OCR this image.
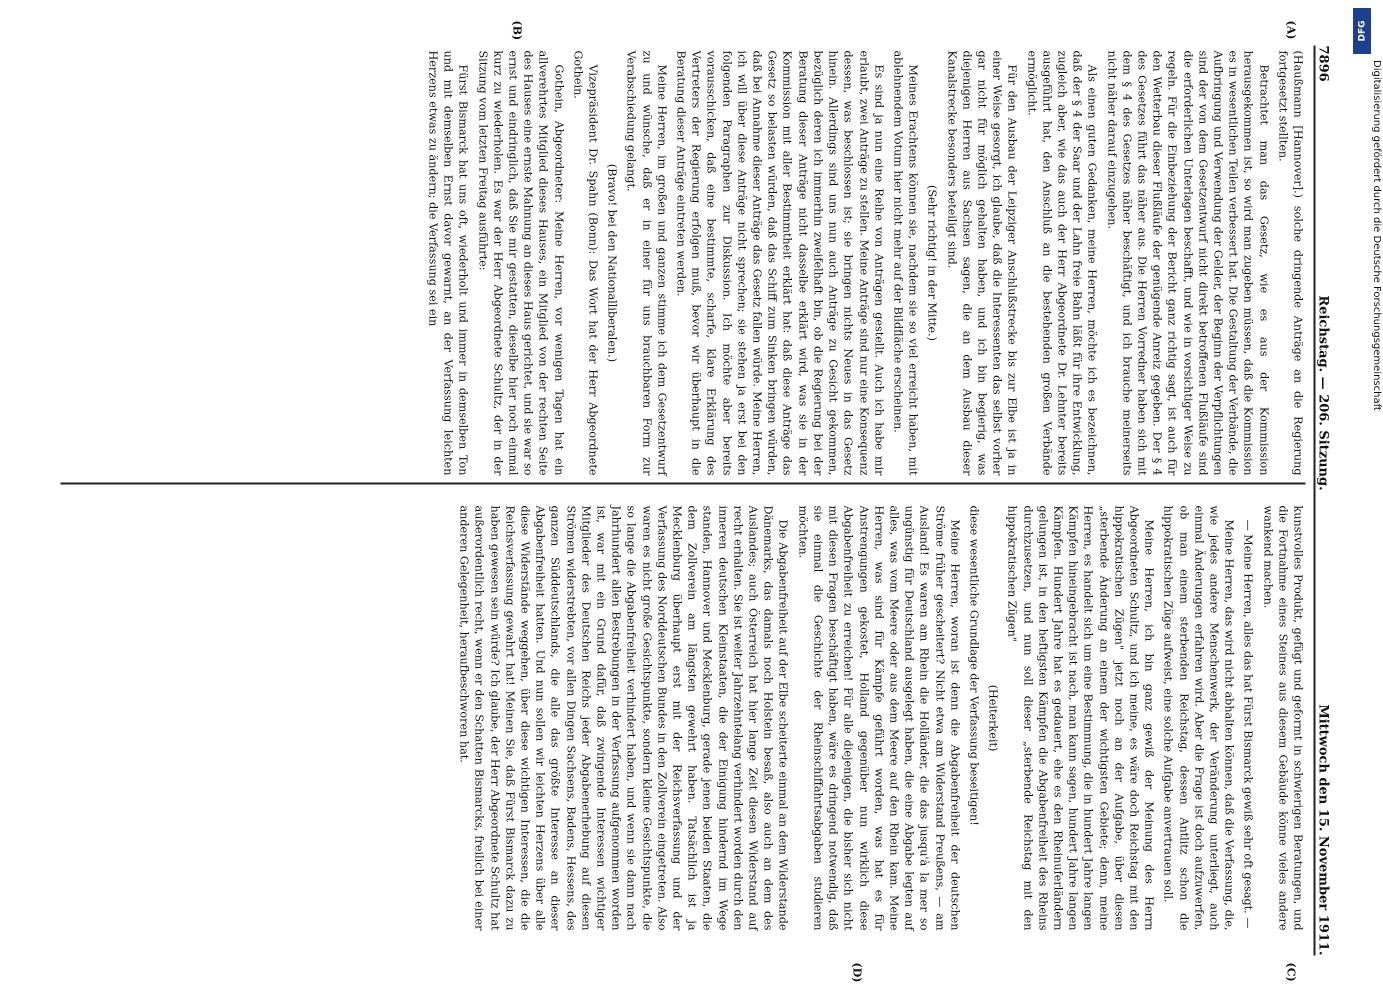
7896
Reichstag. — 206. Sitzung.
Mittwoch den 15. November 1911.
(A)
(B)
(C)
(D)

(Haußmann [Hannover].) solche dringende Anträge an die Regierung fortgesetzt stellten.

Betrachtet man das Gesetz, wie es aus der Kommission herausgekommen ist, so wird man zugeben müssen, daß die Kommission es in wesentlichen Teilen verbessert hat. Die Gestaltung der Verbände, die Aufbringung und Verwendung der Gelder, der Beginn der Verpflichtungen sind der von dem Gesetzentwurf nicht direkt betroffenen Flußläufe sind die erforderlichen Unterlagen beschafft, und wie in vorsichtiger Weise zu regeln. Für die Einbeziehung der Bericht ganz richtig sagt, ist auch für den Wetterbau dieser Flußläufe der genügende Anreiz gegeben. Der § 4 des Gesetzes führt das näher aus. Die Herren Vorredner haben sich mit dem § 4 des Gesetzes näher beschäftigt, und ich brauche meinerseits nicht näher darauf einzugehen.

Als einen guten Gedanken, meine Herren, möchte ich es bezeichnen, daß der § 4 der Saar und der Lahn freie Bahn läßt für ihre Entwicklung, zugleich aber, wie das auch der Herr Abgeordnete Dr. Lehnter bereits ausgeführt hat, den Anschluß an die bestehenden großen Verbände ermöglicht.

Für den Ausbau der Leipziger Anschlußstrecke bis zur Elbe ist ja in einer Weise gesorgt, ich glaube, daß die Interessenten das selbst vorher gar nicht für möglich gehalten haben, und ich bin begierig, was diejenigen Herren aus Sachsen sagen, die an dem Ausbau dieser Kanalstrecke besonders beteiligt sind.

(Sehr richtig! in der Mitte.)

Meines Erachtens können sie, nachdem sie so viel erreicht haben, mit ablehnendem Votum hier nicht mehr auf der Bildfläche erscheinen.

Es sind ja nun eine Reihe von Anträgen gestellt. Auch ich habe mir erlaubt, zwei Anträge zu stellen. Meine Anträge sind nur eine Konsequenz dessen, was beschlossen ist; sie bringen nichts Neues in das Gesetz hinein. Allerdings sind uns nun auch Anträge zu Gesicht gekommen, bezüglich deren ich immerhin zweifelhaft bin, ob die Regierung bei der Beratung dieser Anträge nicht dasselbe erklärt wird, was sie in der Kommission mit aller Bestimmtheit erklärt hat: daß diese Anträge das Gesetz so belasten würden, daß das Schiff zum Sinken bringen würden, daß bei Annahme dieser Anträge das Gesetz fallen würde. Meine Herren, ich will über diese Anträge nicht sprechen; sie stehen ja erst bei den folgenden Paragraphen zur Diskussion. Ich möchte aber bereits vorausschicken, daß eine bestimmte, scharfe, klare Erklärung des Vertreters der Regierung erfolgen muß, bevor wir überhaupt in die Beratung dieser Anträge eintreten werden.

Meine Herren, im großen und ganzen stimme ich dem Gesetzentwurf zu und wünsche, daß er in einer für uns brauchbaren Form zur Verabschiedung gelangt.

(Bravo! bei den Nationalliberalen.)

Vizepräsident Dr. Spahn (Bonn): Das Wort hat der Herr Abgeordnete Gothein.

Gothein, Abgeordneter: Meine Herren, vor wenigen Tagen hat ein allverehrtes Mitglied dieses Hauses, ein Mitglied von der rechten Seite des Hauses eine ernste Mahnung an dieses Haus gerichtet, und sie war so ernst und eindringlich, daß Sie mir gestatten, dieselbe hier noch einmal kurz zu wiederholen. Es war der Herr Abgeordnete Schultz, der in der Sitzung vom letzten Freitag ausführte:

Fürst Bismarck hat uns oft, wiederholt und immer in demselben Ton und mit demselben Ernst davor gewarnt, an der Verfassung leichten Herzens etwas zu ändern; die Verfassung sei ein

kunstvolles Produkt, gefügt und geformt in schwierigen Beratungen, und die Fortnahme eines Steines aus diesem Gebäude könne vieles andere wankend machen.

— Meine Herren, alles das hat Fürst Bismarck gewiß sehr oft gesagt. —

Meine Herren, das wird nicht abhalten können, daß die Verfassung, die, wie jedes andere Menschenwerk, der Veränderung unterliegt, auch einmal Änderungen erfahren wird. Aber die Frage ist doch aufzuwerfen, ob man einem sterbenden Reichstag, dessen Antlitz schon die hippokratischen Züge aufweist, eine solche Aufgabe anvertrauen soll.

Meine Herren, ich bin ganz gewiß der Meinung des Herrn Abgeordneten Schultz, und ich meine, es wäre doch Reichstag mit den hippokratischen Zügen" jetzt noch an der Aufgabe, über diesen „sterbende Änderung an einem der wichtigsten Gebiete; denn, meine Herren, es handelt sich um eine Bestimmung, die in hundert Jahre langen Kämpfen hineingebracht ist nach, man kann sagen, hundert Jahre langen Kämpfen. Hundert Jahre hat es gedauert, ehe es den Rheinuferländern gelungen ist, in den heftigsten Kämpfen die Abgabenfreiheit des Rheins durchzusetzen, und nun soll dieser „sterbende Reichstag mit den hippokratischen Zügen"

(Heiterkeit)

diese wesentliche Grundlage der Verfassung beseitigen!

Meine Herren, woran ist denn die Abgabenfreiheit der deutschen Ströme früher gescheitert? Nicht etwa am Widerstand Preußens, — am Ausland! Es waren am Rhein die Holländer, die das jusqu'à la mer so ungünstig für Deutschland ausgelegt haben, die eine Abgabe legten auf alles, was vom Meere oder aus dem Meere auf den Rhein kam. Meine Herren, was sind für Kämpfe geführt worden, was hat es für Anstrengungen gekostet, Holland gegenüber nun wirklich diese Abgabenfreiheit zu erreichen! Für alle diejenigen, die bisher sich nicht mit diesen Fragen beschäftigt haben, wäre es dringend notwendig, daß sie einmal die Geschichte der Rheinschiffahrtsabgaben studieren möchten.

Die Abgabenfreiheit auf der Elbe scheiterte einmal an dem Widerstande Dänemarks, das damals noch Holstein besaß, also auch an dem des Auslandes; auch Österreich hat hier lange Zeit diesen Widerstand auf recht erhalten. Sie ist weiter Jahrzehntelang verhindert worden durch den inneren deutschen Kleinstaaten, die der Einigung hindernd im Wege standen, Hannover und Mecklenburg, gerade jenen beiden Staaten, die dem Zollverein am längsten gewehrt haben. Tatsächlich ist ja Mecklenburg überhaupt erst mit der Reichsverfassung und der Verfassung des Norddeutschen Bundes in den Zollverein eingetreten. Also waren es nicht große Gesichtspunkte, sondern kleine Gesichtspunkte, die so lange die Abgabenfreiheit verhindert haben, und wenn sie dann nach Jahrhundert allen Bestrebungen in der Verfassung aufgenommen worden ist, war mit ein Grund dafür, daß zwingende Interessen wichtiger Mitglieder des Deutschen Reichs jeder Abgabenerhebung auf diesen Strömen widerstrebten, vor allen Dingen Sachsens, Badens, Hessens, des ganzen Süddeutschlands, die alle das größte Interesse an dieser Abgabenfreiheit hatten. Und nun sollen wir leichten Herzens über alle diese Widerstände weggehen, über diese wichtigen Interessen, die die Reichsverfassung gewahrt hat! Meinen Sie, daß Fürst Bismarck dazu zu haben gewesen sein würde? Ich glaube, der Herr Abgeordnete Schultz hat außerordentlich recht, wenn er den Schatten Bismarcks, freilich bei einer anderen Gelegenheit, heraufbeschworen hat.

DFG
Digitalisierung gefördert durch die Deutsche Forschungsgemeinschaft
